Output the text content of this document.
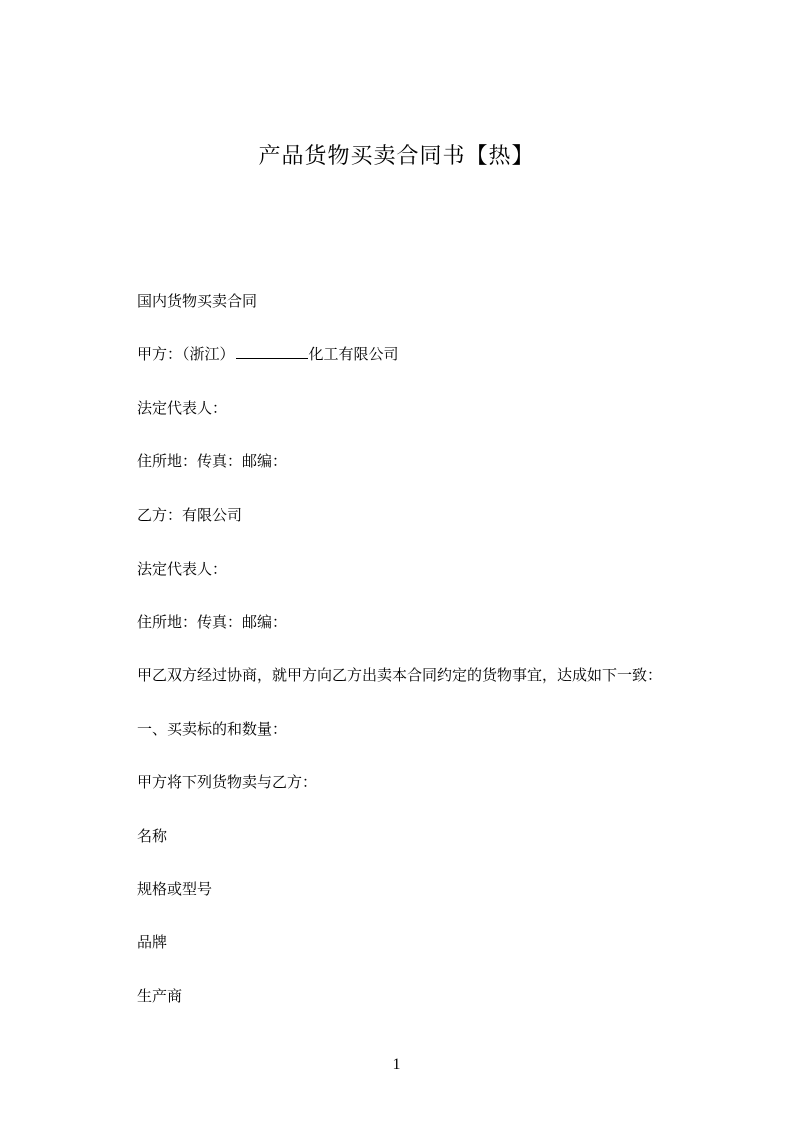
产品货物买卖合同书【热】
国内货物买卖合同
甲方：（浙江）	化工有限公司
法定代表人：
住所地：传真：邮编：
乙方：有限公司
法定代表人：
住所地：传真：邮编：
甲乙双方经过协商，就甲方向乙方出卖本合同约定的货物事宜，达成如下一致：
一、买卖标的和数量：
甲方将下列货物卖与乙方：
名称
规格或型号
品牌
生产商
1
